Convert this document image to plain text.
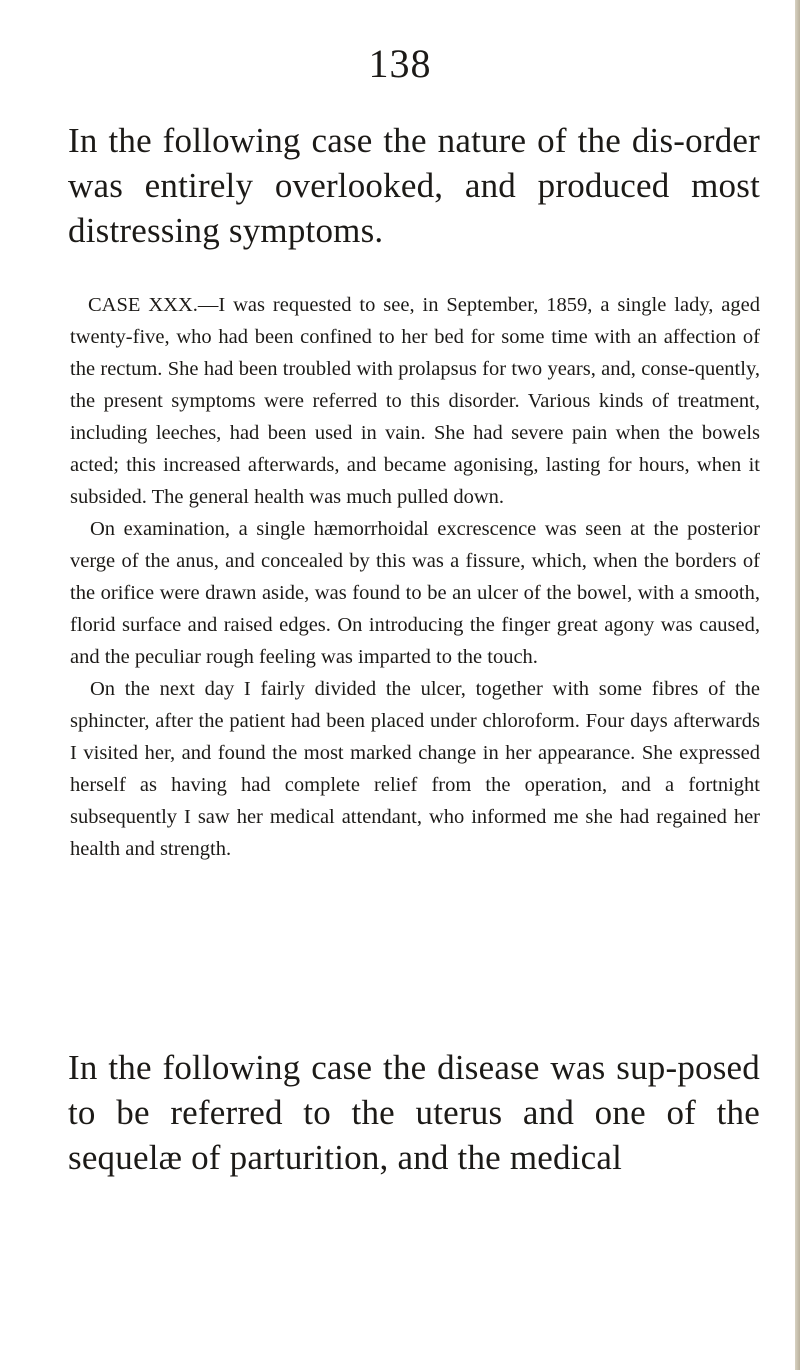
138

In the following case the nature of the dis-order was entirely overlooked, and produced most distressing symptoms.

CASE XXX.—I was requested to see, in September, 1859, a single lady, aged twenty-five, who had been confined to her bed for some time with an affection of the rectum. She had been troubled with prolapsus for two years, and, conse-quently, the present symptoms were referred to this disorder. Various kinds of treatment, including leeches, had been used in vain. She had severe pain when the bowels acted; this increased afterwards, and became agonising, lasting for hours, when it subsided. The general health was much pulled down.

On examination, a single hæmorrhoidal excrescence was seen at the posterior verge of the anus, and concealed by this was a fissure, which, when the borders of the orifice were drawn aside, was found to be an ulcer of the bowel, with a smooth, florid surface and raised edges. On introducing the finger great agony was caused, and the peculiar rough feeling was imparted to the touch.

On the next day I fairly divided the ulcer, together with some fibres of the sphincter, after the patient had been placed under chloroform. Four days afterwards I visited her, and found the most marked change in her appearance. She expressed herself as having had complete relief from the operation, and a fortnight subsequently I saw her medical attendant, who informed me she had regained her health and strength.

In the following case the disease was sup-posed to be referred to the uterus and one of the sequelæ of parturition, and the medical
